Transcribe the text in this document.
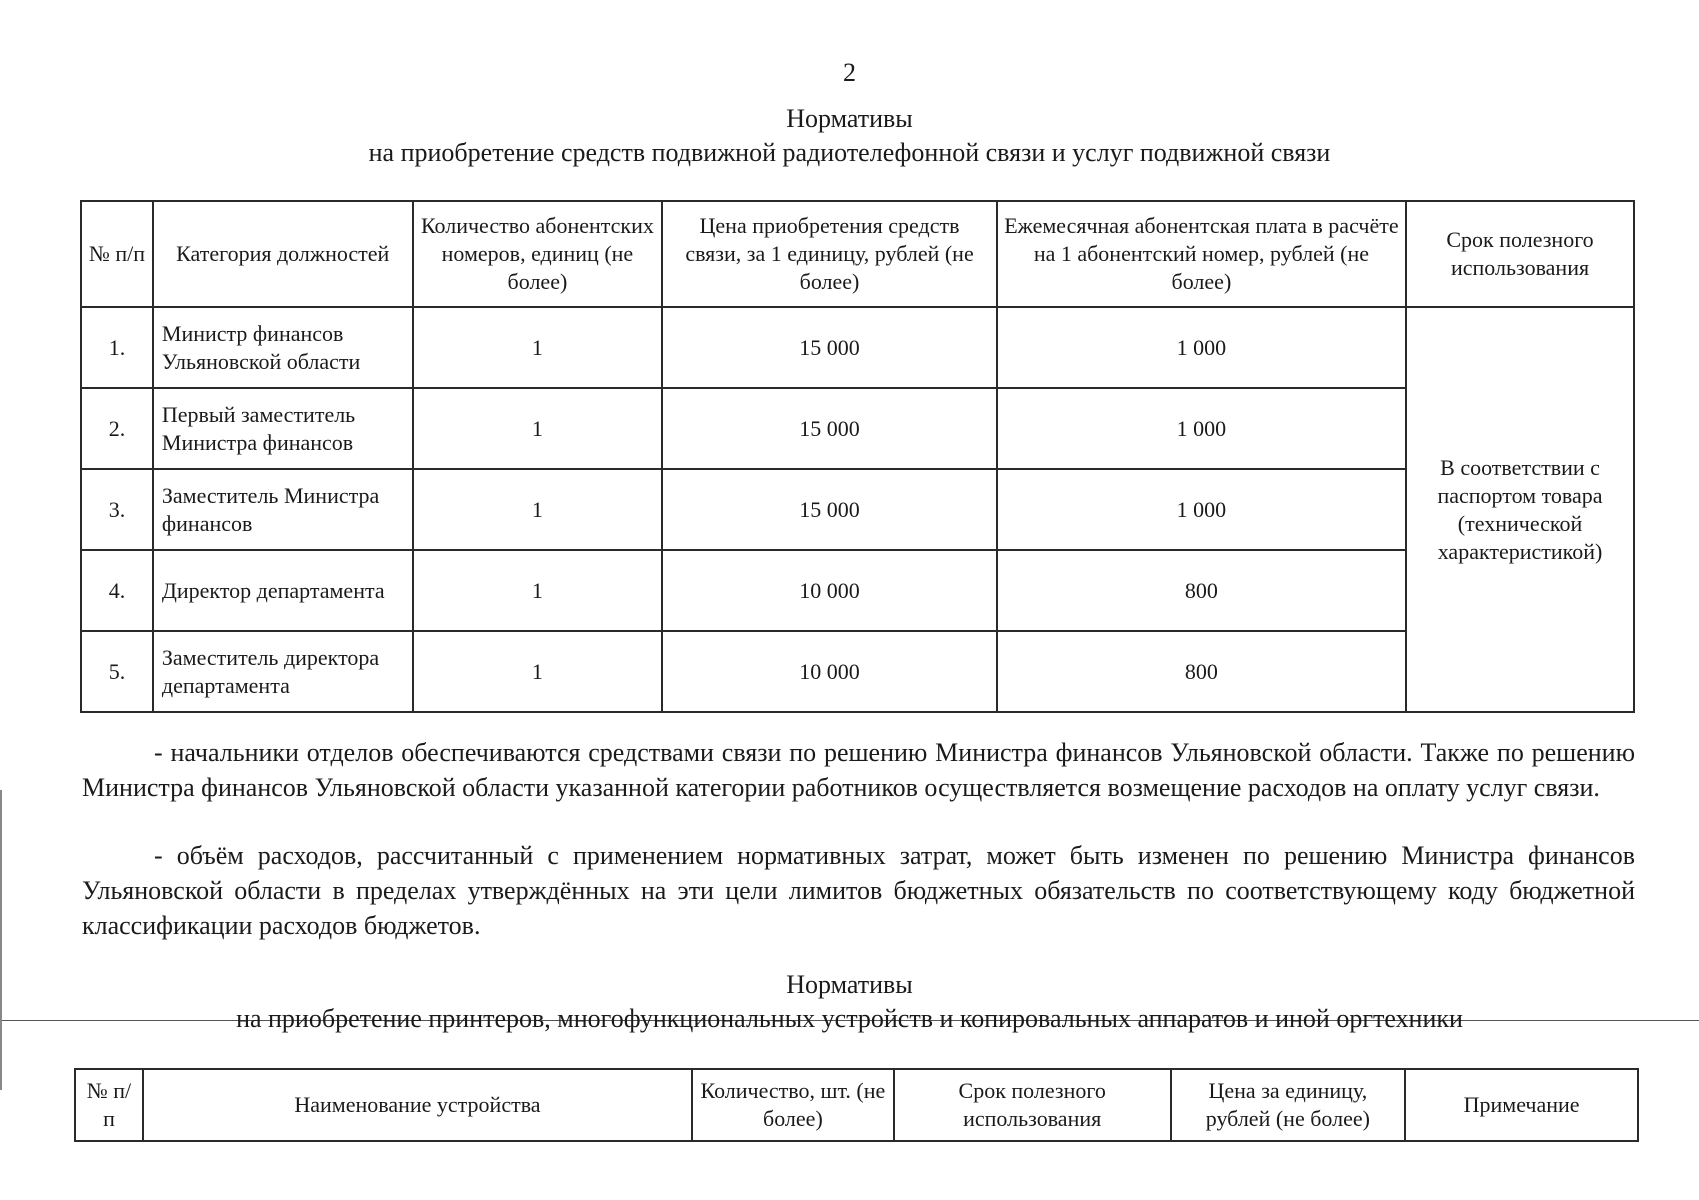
2
Нормативы
на приобретение средств подвижной радиотелефонной связи и услуг подвижной связи
№ п/п	Категория должностей	Количество абонентских номеров, единиц (не более)	Цена приобретения средств связи, за 1 единицу, рублей (не более)	Ежемесячная абонентская плата в расчёте на 1 абонентский номер, рублей (не более)	Срок полезного использования
1.	Министр финансов Ульяновской области	1	15 000	1 000	В соответствии с паспортом товара (технической характеристикой)
2.	Первый заместитель Министра финансов	1	15 000	1 000	
3.	Заместитель Министра финансов	1	15 000	1 000	
4.	Директор департамента	1	10 000	800	
5.	Заместитель директора департамента	1	10 000	800	
- начальники отделов обеспечиваются средствами связи по решению Министра финансов Ульяновской области. Также по решению Министра финансов Ульяновской области указанной категории работников осуществляется возмещение расходов на оплату услуг связи.
- объём расходов, рассчитанный с применением нормативных затрат, может быть изменен по решению Министра финансов Ульяновской области в пределах утверждённых на эти цели лимитов бюджетных обязательств по соответствующему коду бюджетной классификации расходов бюджетов.
Нормативы
на приобретение принтеров, многофункциональных устройств и копировальных аппаратов и иной оргтехники
№ п/п	Наименование устройства	Количество, шт. (не более)	Срок полезного использования	Цена за единицу, рублей (не более)	Примечание
